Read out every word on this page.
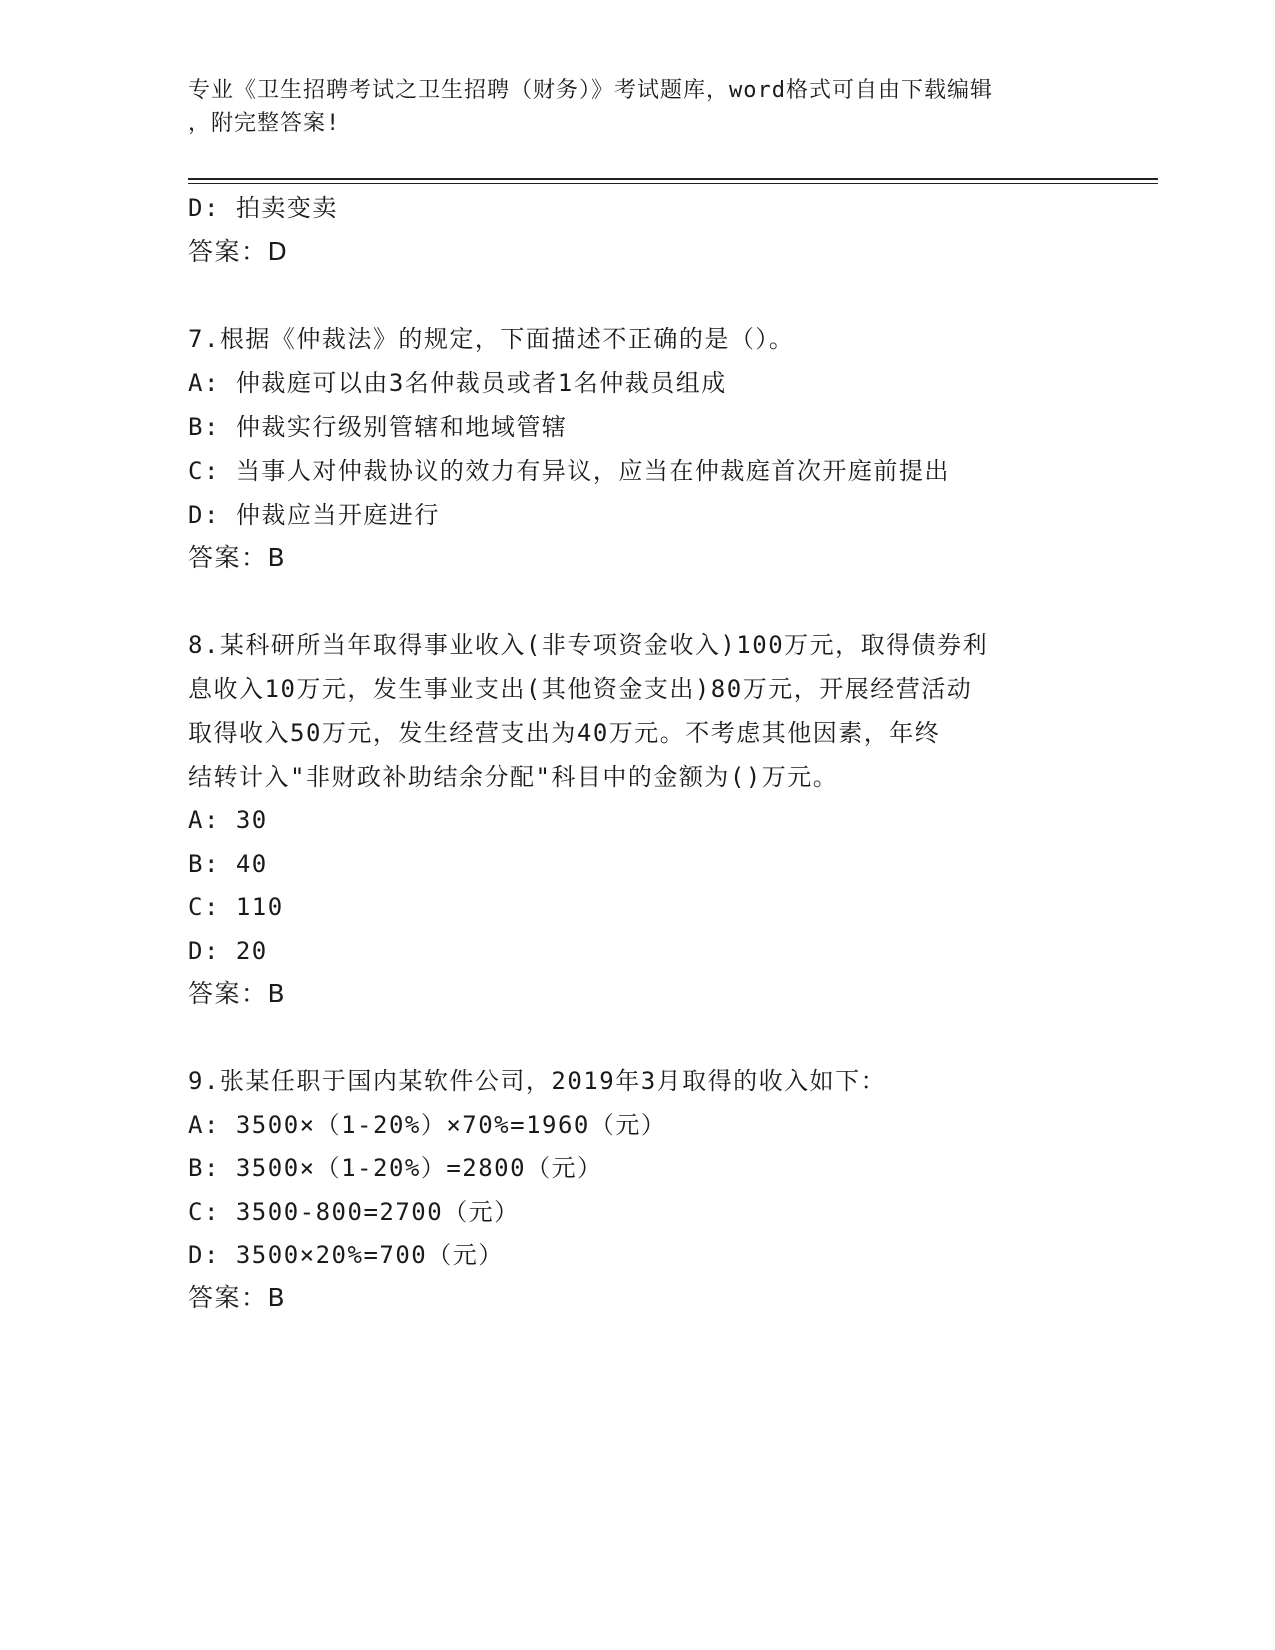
专业《卫生招聘考试之卫生招聘（财务）》考试题库，word格式可自由下载编辑
，附完整答案!
D: 拍卖变卖
答案：D
7.根据《仲裁法》的规定，下面描述不正确的是（）。
A: 仲裁庭可以由3名仲裁员或者1名仲裁员组成
B: 仲裁实行级别管辖和地域管辖
C: 当事人对仲裁协议的效力有异议，应当在仲裁庭首次开庭前提出
D: 仲裁应当开庭进行
答案：B
8.某科研所当年取得事业收入(非专项资金收入)100万元，取得债券利
息收入10万元，发生事业支出(其他资金支出)80万元，开展经营活动
取得收入50万元，发生经营支出为40万元。不考虑其他因素，年终
结转计入"非财政补助结余分配"科目中的金额为()万元。
A: 30
B: 40
C: 110
D: 20
答案：B
9.张某任职于国内某软件公司，2019年3月取得的收入如下：
A: 3500×（1-20%）×70%=1960（元）
B: 3500×（1-20%）=2800（元）
C: 3500-800=2700（元）
D: 3500×20%=700（元）
答案：B
